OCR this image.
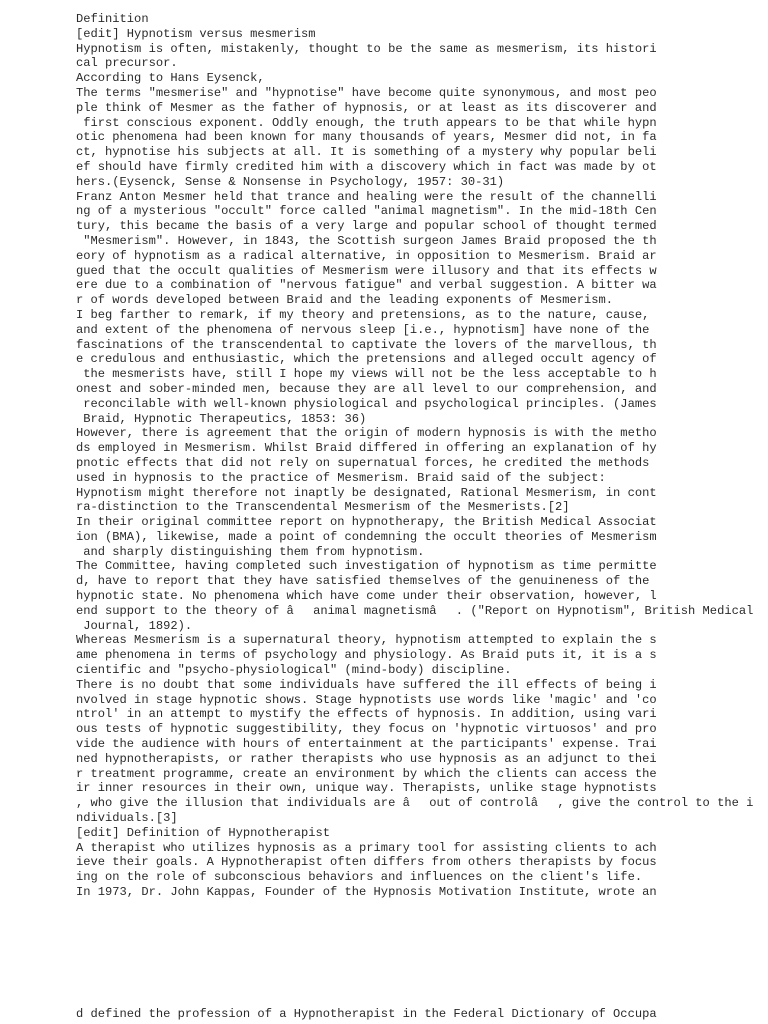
Definition
[edit] Hypnotism versus mesmerism
Hypnotism is often, mistakenly, thought to be the same as mesmerism, its histori
cal precursor.
According to Hans Eysenck,
The terms "mesmerise" and "hypnotise" have become quite synonymous, and most peo
ple think of Mesmer as the father of hypnosis, or at least as its discoverer and
first conscious exponent. Oddly enough, the truth appears to be that while hypn
otic phenomena had been known for many thousands of years, Mesmer did not, in fa
ct, hypnotise his subjects at all. It is something of a mystery why popular beli
ef should have firmly credited him with a discovery which in fact was made by ot
hers.(Eysenck, Sense & Nonsense in Psychology, 1957: 30-31)
Franz Anton Mesmer held that trance and healing were the result of the channelli
ng of a mysterious "occult" force called "animal magnetism". In the mid-18th Cen
tury, this became the basis of a very large and popular school of thought termed
"Mesmerism". However, in 1843, the Scottish surgeon James Braid proposed the th
eory of hypnotism as a radical alternative, in opposition to Mesmerism. Braid ar
gued that the occult qualities of Mesmerism were illusory and that its effects w
ere due to a combination of "nervous fatigue" and verbal suggestion. A bitter wa
r of words developed between Braid and the leading exponents of Mesmerism.
I beg farther to remark, if my theory and pretensions, as to the nature, cause,
and extent of the phenomena of nervous sleep [i.e., hypnotism] have none of the
fascinations of the transcendental to captivate the lovers of the marvellous, th
e credulous and enthusiastic, which the pretensions and alleged occult agency of
the mesmerists have, still I hope my views will not be the less acceptable to h
onest and sober-minded men, because they are all level to our comprehension, and
reconcilable with well-known physiological and psychological principles. (James
Braid, Hypnotic Therapeutics, 1853: 36)
However, there is agreement that the origin of modern hypnosis is with the metho
ds employed in Mesmerism. Whilst Braid differed in offering an explanation of hy
pnotic effects that did not rely on supernatual forces, he credited the methods
used in hypnosis to the practice of Mesmerism. Braid said of the subject:
Hypnotism might therefore not inaptly be designated, Rational Mesmerism, in cont
ra-distinction to the Transcendental Mesmerism of the Mesmerists.[2]
In their original committee report on hypnotherapy, the British Medical Associat
ion (BMA), likewise, made a point of condemning the occult theories of Mesmerism
and sharply distinguishing them from hypnotism.
The Committee, having completed such investigation of hypnotism as time permitte
d, have to report that they have satisfied themselves of the genuineness of the
hypnotic state. No phenomena which have come under their observation, however, l
end support to the theory of âanimal magnetismâ. ("Report on Hypnotism", British Medical
Journal, 1892).
Whereas Mesmerism is a supernatural theory, hypnotism attempted to explain the s
ame phenomena in terms of psychology and physiology. As Braid puts it, it is a s
cientific and "psycho-physiological" (mind-body) discipline.
There is no doubt that some individuals have suffered the ill effects of being i
nvolved in stage hypnotic shows. Stage hypnotists use words like 'magic' and 'co
ntrol' in an attempt to mystify the effects of hypnosis. In addition, using vari
ous tests of hypnotic suggestibility, they focus on 'hypnotic virtuosos' and pro
vide the audience with hours of entertainment at the participants' expense. Trai
ned hypnotherapists, or rather therapists who use hypnosis as an adjunct to thei
r treatment programme, create an environment by which the clients can access the
ir inner resources in their own, unique way. Therapists, unlike stage hypnotists
, who give the illusion that individuals are âout of controlâ, give the control to the i
ndividuals.[3]
[edit] Definition of Hypnotherapist
A therapist who utilizes hypnosis as a primary tool for assisting clients to ach
ieve their goals. A Hypnotherapist often differs from others therapists by focus
ing on the role of subconscious behaviors and influences on the client's life.
In 1973, Dr. John Kappas, Founder of the Hypnosis Motivation Institute, wrote an
d defined the profession of a Hypnotherapist in the Federal Dictionary of Occupa
